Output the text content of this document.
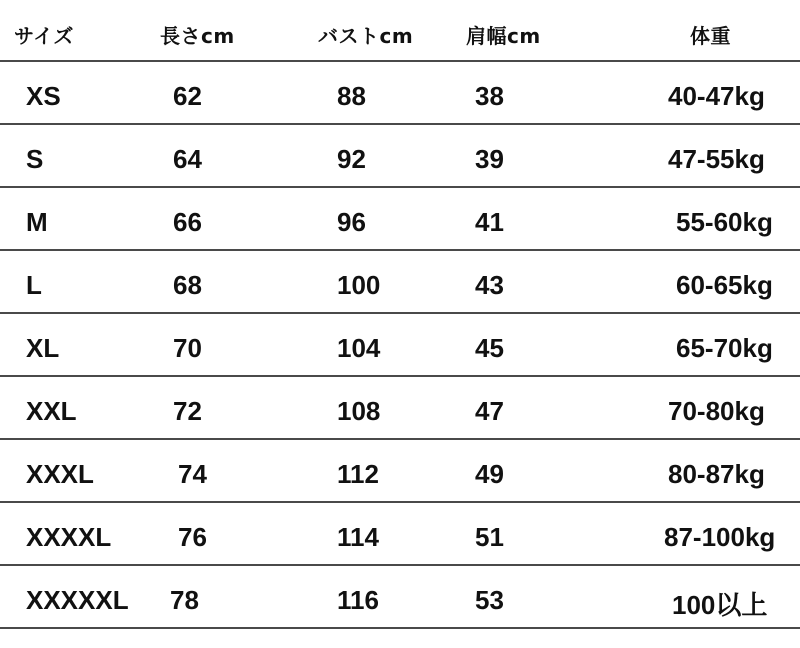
サイズ	長さcm	バストcm	肩幅cm	体重
XS	62	88	38	40-47kg
S	64	92	39	47-55kg
M	66	96	41	55-60kg
L	68	100	43	60-65kg
XL	70	104	45	65-70kg
XXL	72	108	47	70-80kg
XXXL	74	112	49	80-87kg
XXXXL	76	114	51	87-100kg
XXXXXL 78	116	53	100以上
